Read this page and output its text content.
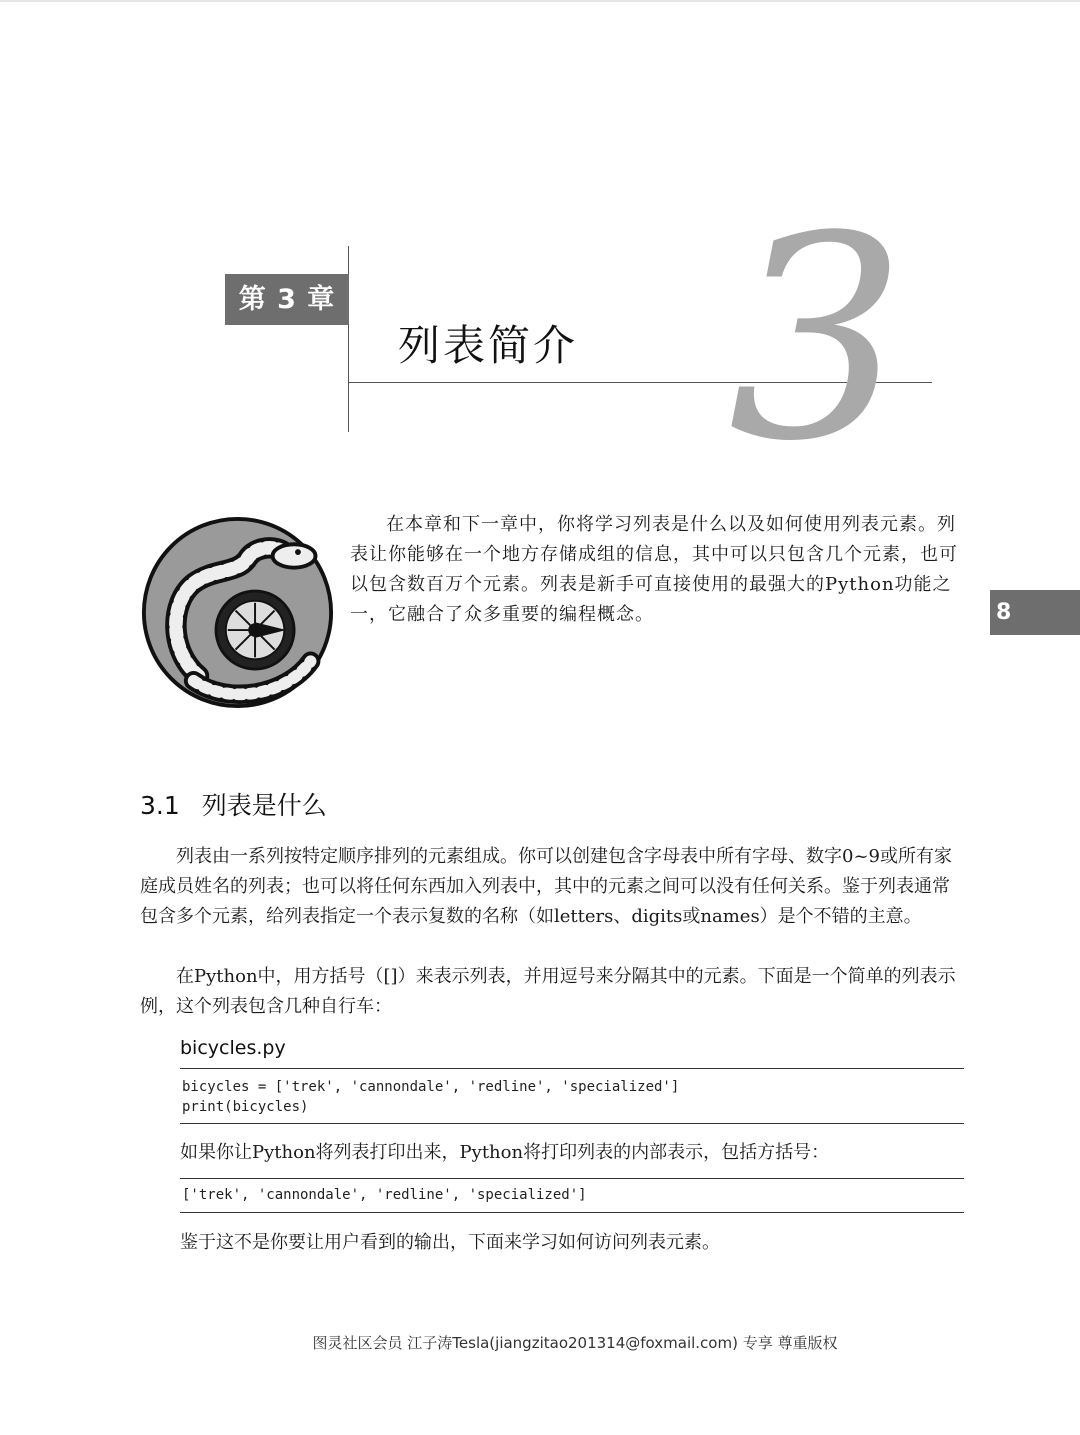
第 3 章
列表简介 3
8

在本章和下一章中，你将学习列表是什么以及如何使用列表元素。列表让你能够在一个地方存储成组的信息，其中可以只包含几个元素，也可以包含数百万个元素。列表是新手可直接使用的最强大的Python功能之一，它融合了众多重要的编程概念。

3.1 列表是什么

列表由一系列按特定顺序排列的元素组成。你可以创建包含字母表中所有字母、数字0~9或所有家庭成员姓名的列表；也可以将任何东西加入列表中，其中的元素之间可以没有任何关系。鉴于列表通常包含多个元素，给列表指定一个表示复数的名称（如letters、digits或names）是个不错的主意。

在Python中，用方括号（[]）来表示列表，并用逗号来分隔其中的元素。下面是一个简单的列表示例，这个列表包含几种自行车：

bicycles.py
bicycles = ['trek', 'cannondale', 'redline', 'specialized']
print(bicycles)

如果你让Python将列表打印出来，Python将打印列表的内部表示，包括方括号：

['trek', 'cannondale', 'redline', 'specialized']

鉴于这不是你要让用户看到的输出，下面来学习如何访问列表元素。

图灵社区会员 江子涛Tesla(jiangzitao201314@foxmail.com) 专享 尊重版权
